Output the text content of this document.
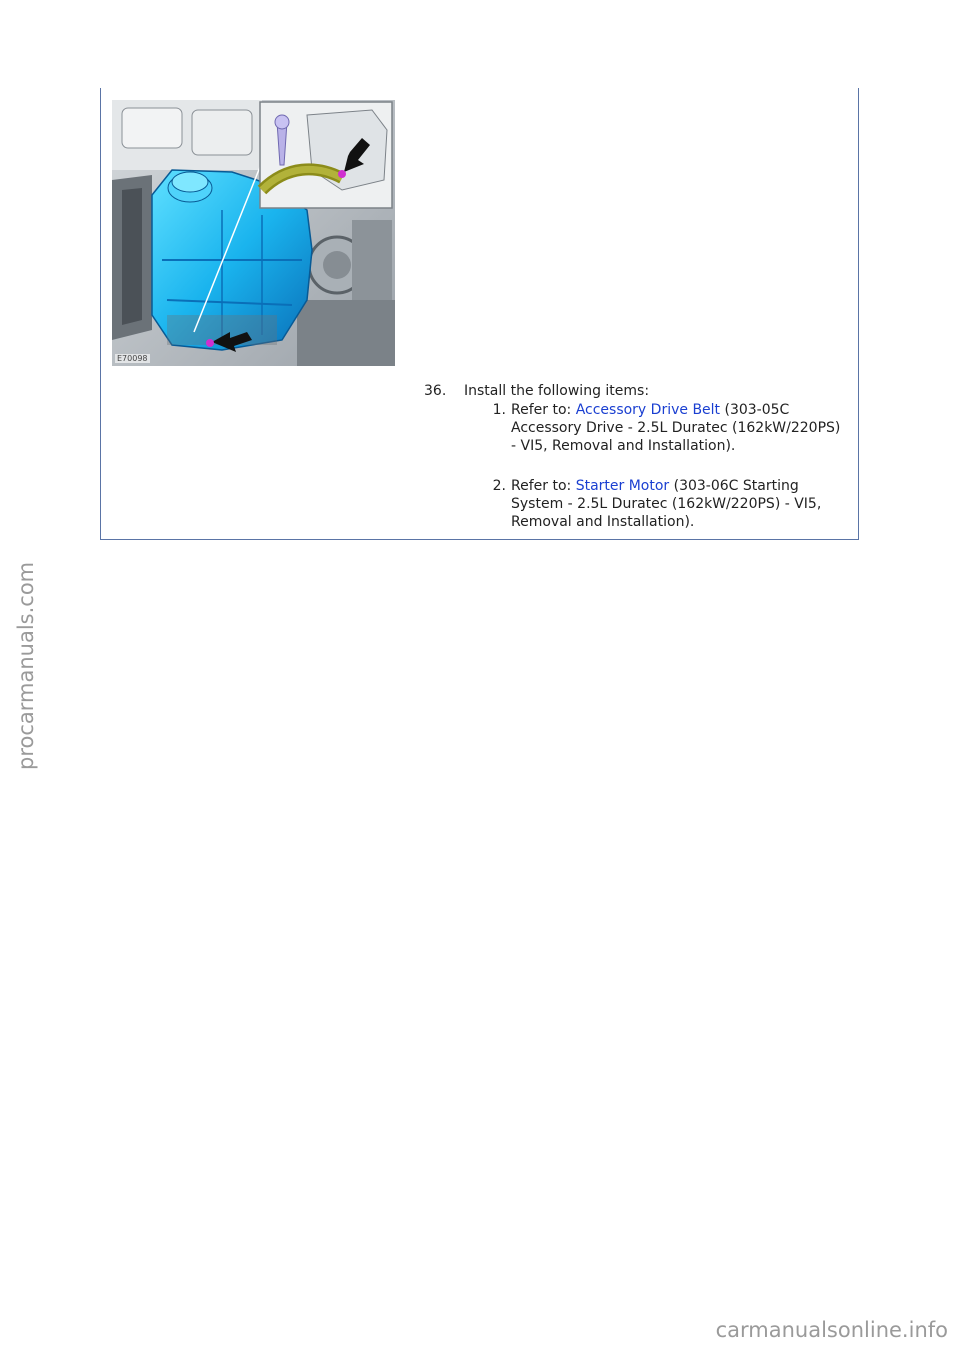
E70098
36.	Install the following items:
1. Refer to: Accessory Drive Belt (303-05C Accessory Drive - 2.5L Duratec (162kW/220PS) - VI5, Removal and Installation).
2. Refer to: Starter Motor (303-06C Starting System - 2.5L Duratec (162kW/220PS) - VI5, Removal and Installation).
procarmanuals.com
carmanualsonline.info
